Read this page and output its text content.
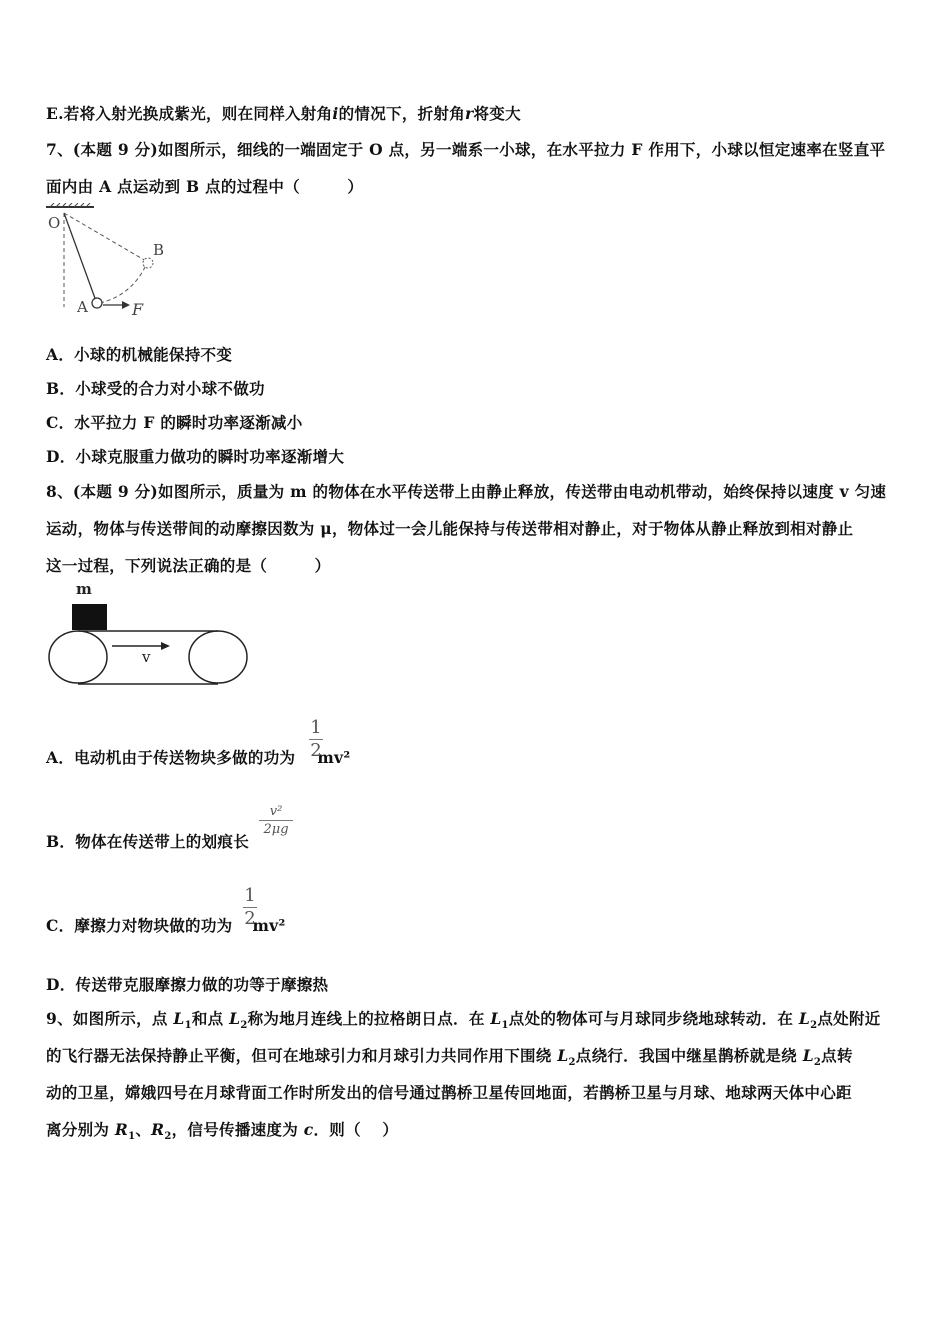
E.若将入射光换成紫光，则在同样入射角i的情况下，折射角r将变大
7、(本题 9 分)如图所示，细线的一端固定于 O 点，另一端系一小球，在水平拉力 F 作用下，小球以恒定速率在竖直平
面内由 A 点运动到 B 点的过程中（　　　）
O
B
A	F
A．小球的机械能保持不变
B．小球受的合力对小球不做功
C．水平拉力 F 的瞬时功率逐渐减小
D．小球克服重力做功的瞬时功率逐渐增大
8、(本题 9 分)如图所示，质量为 m 的物体在水平传送带上由静止释放，传送带由电动机带动，始终保持以速度 v 匀速
运动，物体与传送带间的动摩擦因数为 μ，物体过一会儿能保持与传送带相对静止，对于物体从静止释放到相对静止
这一过程，下列说法正确的是（　　　）
m
v
A．电动机由于传送物块多做的功为 mv²
1
2
B．物体在传送带上的划痕长
v²
2μg
C．摩擦力对物块做的功为 mv²
1
2
D．传送带克服摩擦力做的功等于摩擦热
9、如图所示，点 $L_1$和点 $L_2$称为地月连线上的拉格朗日点．在 $L_1$点处的物体可与月球同步绕地球转动．在 $L_2$点处附近
的飞行器无法保持静止平衡，但可在地球引力和月球引力共同作用下围绕 $L_2$点绕行．我国中继星鹊桥就是绕 $L_2$点转
动的卫星，嫦娥四号在月球背面工作时所发出的信号通过鹊桥卫星传回地面，若鹊桥卫星与月球、地球两天体中心距
离分别为 $R_1$、$R_2$，信号传播速度为 c．则（　 ）
